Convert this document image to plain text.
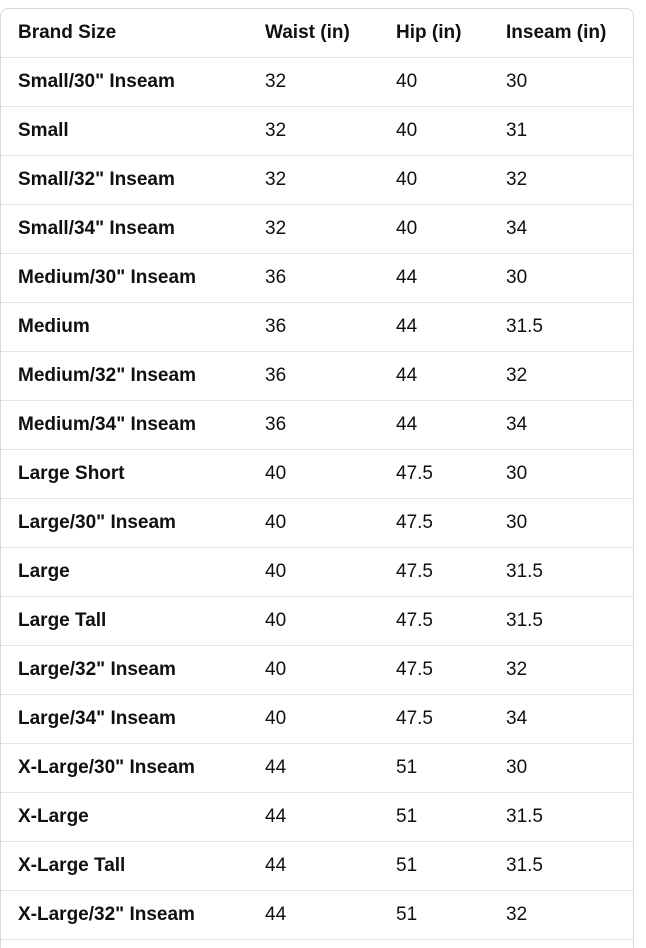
Brand Size	Waist (in)	Hip (in)	Inseam (in)
Small/30" Inseam	32	40	30
Small	32	40	31
Small/32" Inseam	32	40	32
Small/34" Inseam	32	40	34
Medium/30" Inseam	36	44	30
Medium	36	44	31.5
Medium/32" Inseam	36	44	32
Medium/34" Inseam	36	44	34
Large Short	40	47.5	30
Large/30" Inseam	40	47.5	30
Large	40	47.5	31.5
Large Tall	40	47.5	31.5
Large/32" Inseam	40	47.5	32
Large/34" Inseam	40	47.5	34
X-Large/30" Inseam	44	51	30
X-Large	44	51	31.5
X-Large Tall	44	51	31.5
X-Large/32" Inseam	44	51	32
